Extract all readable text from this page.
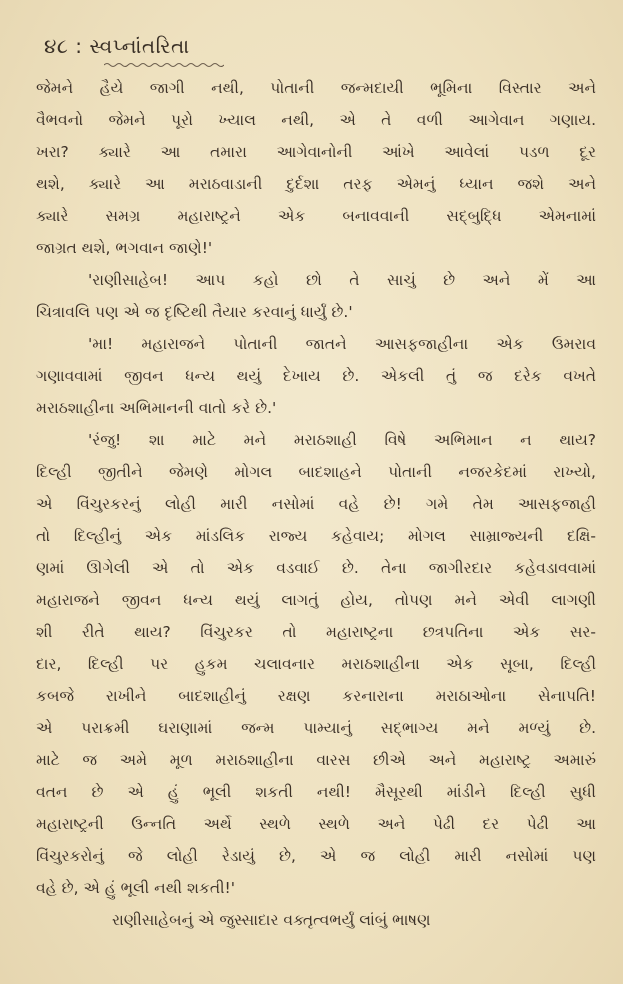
૪૮ : સ્વપ્નાંતરિતા
જેમને હૈયે જાગી નથી, પોતાની જન્મદાયી ભૂમિના વિસ્તાર અને
વૈભવનો જેમને પૂરો ખ્યાલ નથી, એ તે વળી આગેવાન ગણાય.
ખરા? ક્યારે આ તમારા આગેવાનોની આંખે આવેલાં પડળ દૂર
થશે, ક્યારે આ મરાઠવાડાની દુર્દશા તરફ એમનું ધ્યાન જશે અને
ક્યારે સમગ્ર મહારાષ્ટ્રને એક બનાવવાની સદ્બુદ્ધિ એમનામાં
જાગ્રત થશે, ભગવાન જાણે!'
'રાણીસાહેબ! આપ કહો છો તે સાચું છે અને મેં આ
ચિત્રાવલિ પણ એ જ દૃષ્ટિથી તૈયાર કરવાનું ધાર્યું છે.'
'મા! મહારાજને પોતાની જાતને આસફજાહીના એક ઉમરાવ
ગણાવવામાં જીવન ધન્ય થયું દેખાય છે. એકલી તું જ દરેક વખતે
મરાઠશાહીના અભિમાનની વાતો કરે છે.'
'રંજુ! શા માટે મને મરાઠશાહી વિષે અભિમાન ન થાય?
દિલ્હી જીતીને જેમણે મોગલ બાદશાહને પોતાની નજરકેદમાં રાખ્યો,
એ વિંચુરકરનું લોહી મારી નસોમાં વહે છે! ગમે તેમ આસફજાહી
તો દિલ્હીનું એક માંડલિક રાજ્ય કહેવાય; મોગલ સામ્રાજ્યની દક્ષિ-
ણમાં ઊગેલી એ તો એક વડવાઈ છે. તેના જાગીરદાર કહેવડાવવામાં
મહારાજને જીવન ધન્ય થયું લાગતું હોય, તોપણ મને એવી લાગણી
શી રીતે થાય? વિંચુરકર તો મહારાષ્ટ્રના છત્રપતિના એક સર-
દાર, દિલ્હી પર હુકમ ચલાવનાર મરાઠશાહીના એક સૂબા, દિલ્હી
કબજે રાખીને બાદશાહીનું રક્ષણ કરનારાના મરાઠાઓના સેનાપતિ!
એ પરાક્રમી ઘરાણામાં જન્મ પામ્યાનું સદ્ભાગ્ય મને મળ્યું છે.
માટે જ અમે મૂળ મરાઠશાહીના વારસ છીએ અને મહારાષ્ટ્ર અમારું
વતન છે એ હું ભૂલી શકતી નથી! મૈસૂરથી માંડીને દિલ્હી સુધી
મહારાષ્ટ્રની ઉન્નતિ અર્થે સ્થળે સ્થળે અને પેઢી દર પેઢી આ
વિંચુરકરોનું જે લોહી રેડાયું છે, એ જ લોહી મારી નસોમાં પણ
વહે છે, એ હું ભૂલી નથી શકતી!'
રાણીસાહેબનું એ જુસ્સાદાર વક્તૃત્વભર્યું લાંબું ભાષણ
